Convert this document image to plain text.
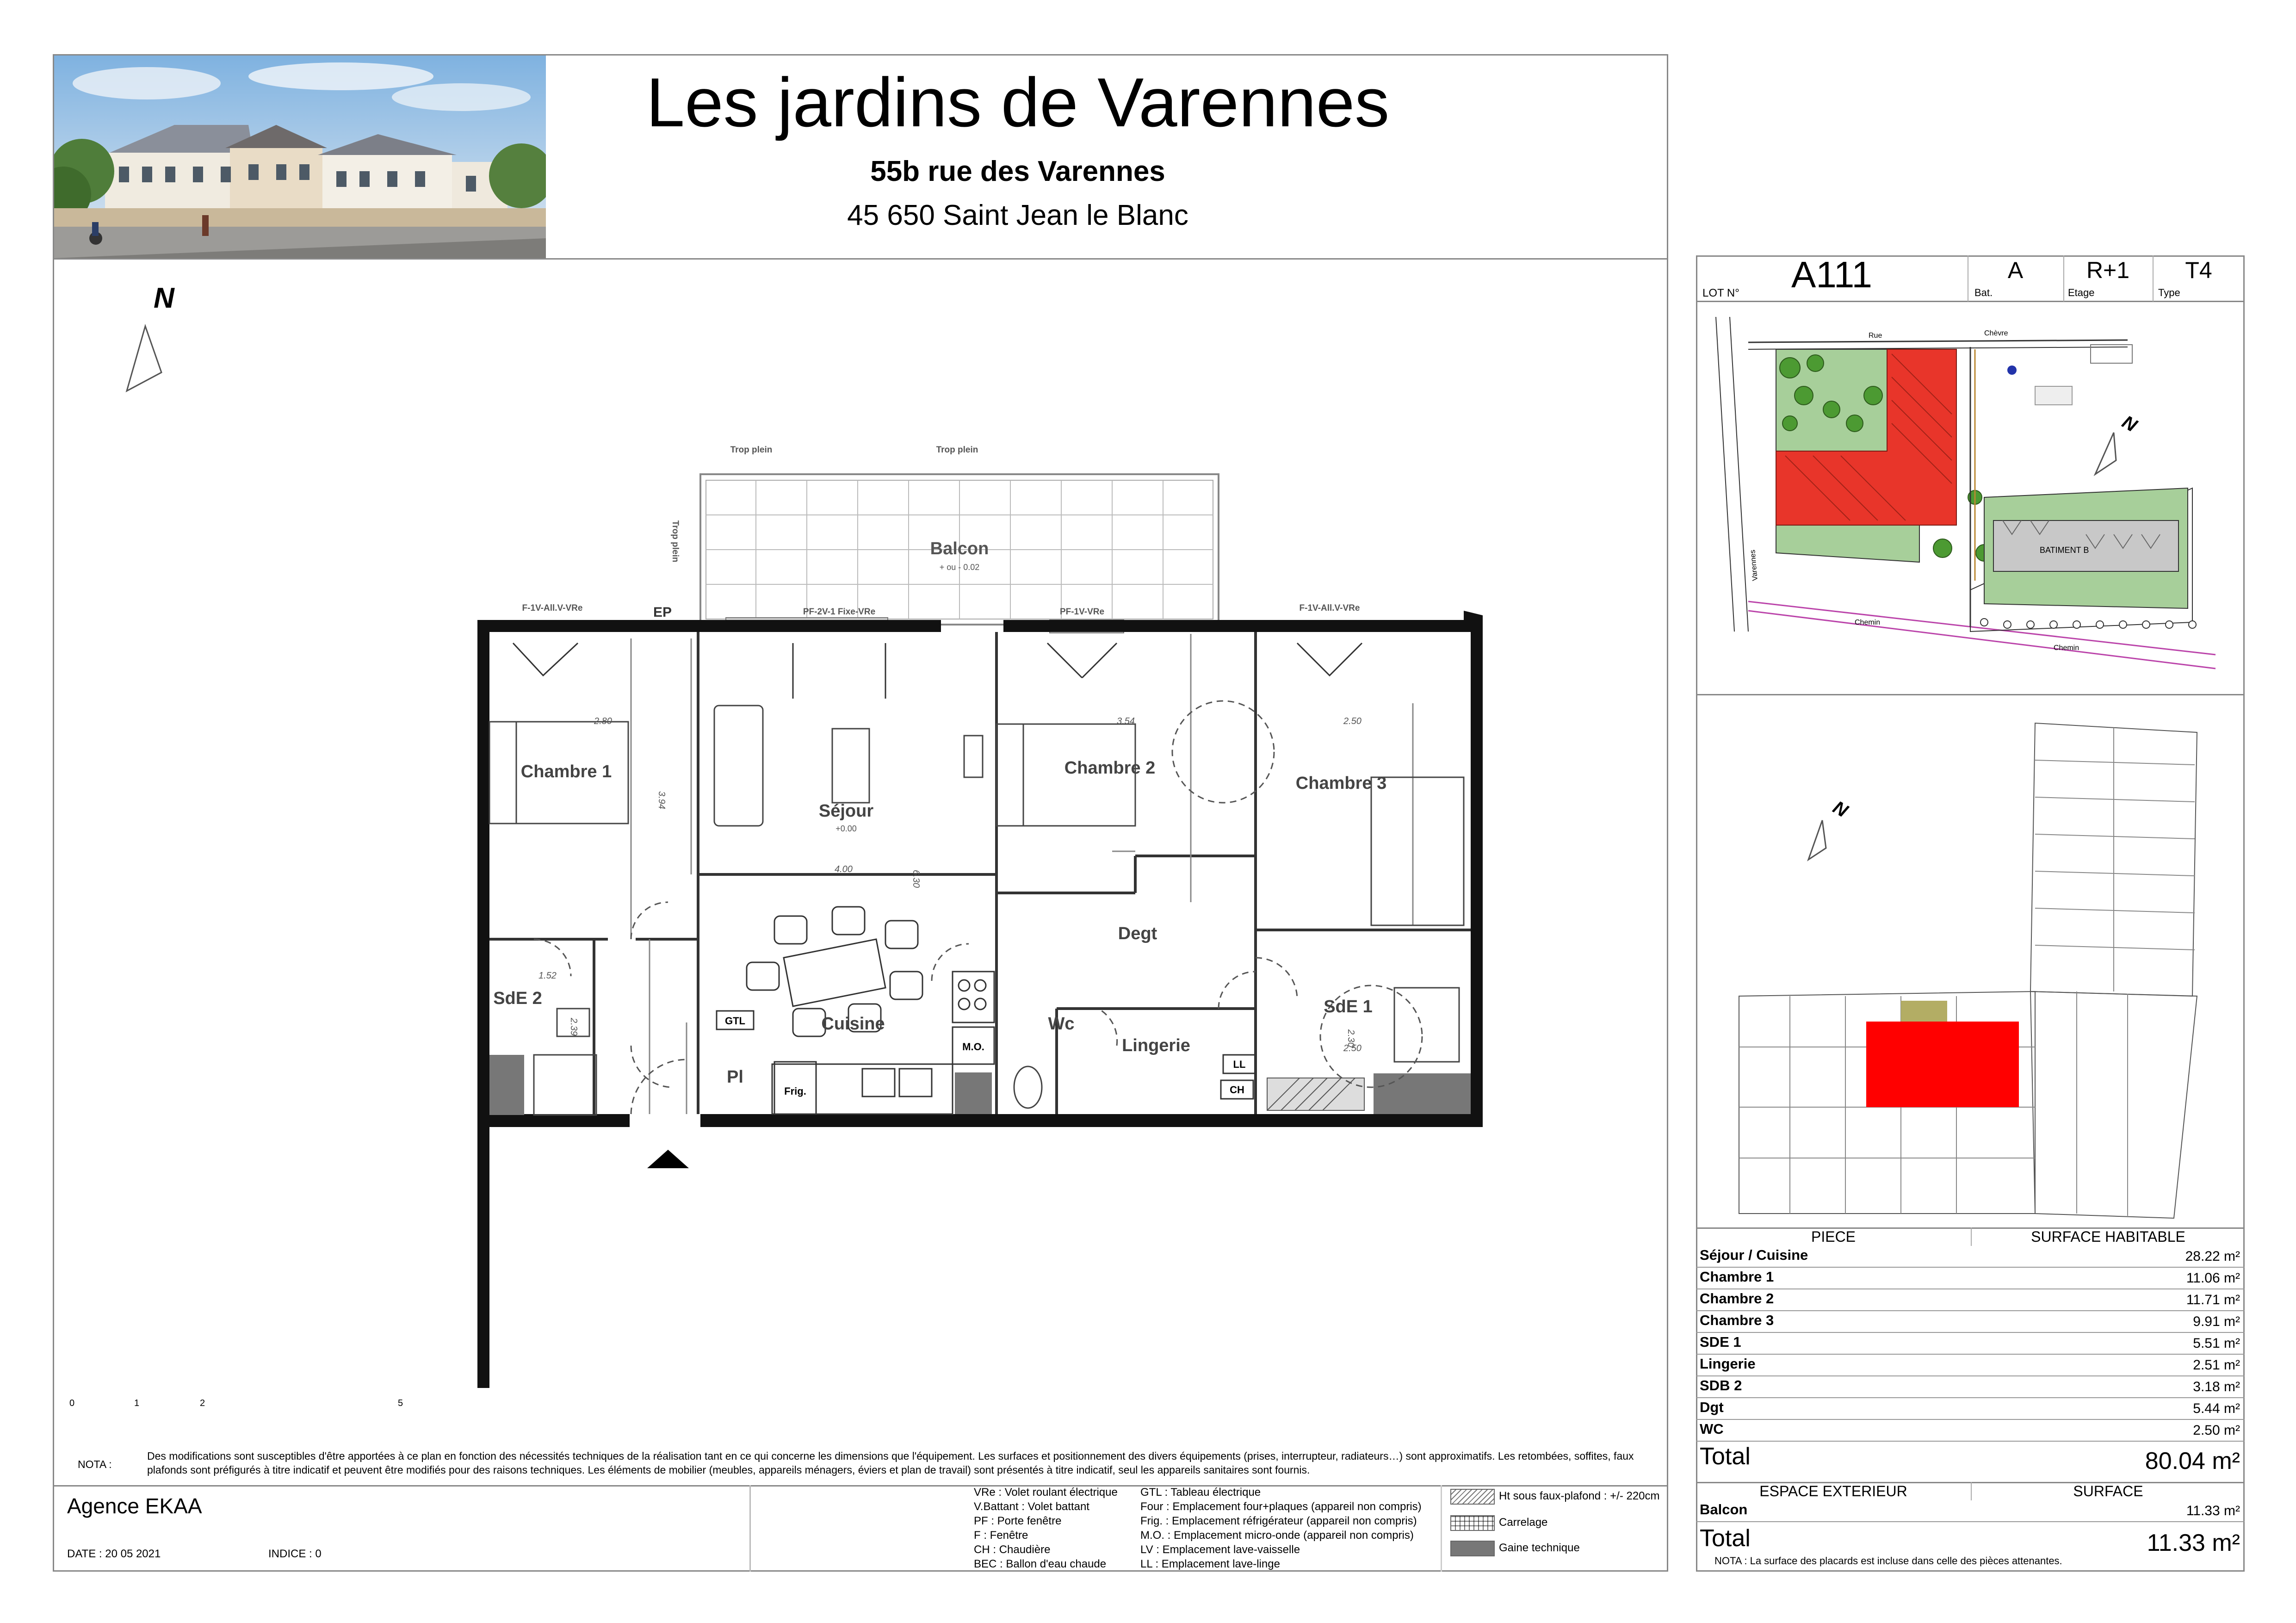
Les jardins de Varennes
55b rue des Varennes
45 650 Saint Jean le Blanc
N
Balcon
+ ou - 0.02
Trop plein	Trop plein
Trop plein
EP
F-1V-All.V-VRe	PF-2V-1 Fixe-VRe	PF-1V-VRe	F-1V-All.V-VRe
M.O.
Frig.
GTL
LL
CH
Chambre 1
Séjour
+0.00
Chambre 2
Chambre 3
Cuisine
Degt
SdE 2	SdE 1
Wc
Lingerie
Pl
2.80
3.94
3.54	2.50
4.00
6.30
1.52
2.39
2.30
2.50
0	1	2	5
NOTA :
Des modifications sont susceptibles d'être apportées à ce plan en fonction des nécessités techniques de la réalisation tant en ce qui concerne les dimensions que l'équipement. Les surfaces et positionnement des divers équipements (prises, interrupteur, radiateurs…) sont approximatifs. Les retombées, soffites, faux plafonds sont préfigurés à titre indicatif et peuvent être modifiés pour des raisons techniques. Les éléments de mobilier (meubles, appareils ménagers, éviers et plan de travail) sont présentés à titre indicatif, seul les appareils sanitaires sont fournis.
Agence EKAA
DATE : 20 05 2021	INDICE : 0
VRe : Volet roulant électrique
V.Battant : Volet battant
PF : Porte fenêtre
F : Fenêtre
CH : Chaudière
BEC : Ballon d'eau chaude
GTL : Tableau électrique
Four : Emplacement four+plaques (appareil non compris)
Frig. : Emplacement réfrigérateur (appareil non compris)
M.O. : Emplacement micro-onde (appareil non compris)
LV : Emplacement lave-vaisselle
LL : Emplacement lave-linge
Ht sous faux-plafond : +/- 220cm
Carrelage
Gaine technique
A111
LOT N°
A
Bat.
R+1
Etage
T4
Type
N
Rue	Chèvre
BATIMENT B
Chemin
Chemin
Varennes
N
PIECE	SURFACE HABITABLE
Séjour / Cuisine	28.22 m²
Chambre 1	11.06 m²
Chambre 2	11.71 m²
Chambre 3	9.91 m²
SDE 1	5.51 m²
Lingerie	2.51 m²
SDB 2	3.18 m²
Dgt	5.44 m²
WC	2.50 m²
Total	80.04 m²
ESPACE EXTERIEUR	SURFACE
Balcon	11.33 m²
Total	11.33 m²
NOTA : La surface des placards est incluse dans celle des pièces attenantes.
